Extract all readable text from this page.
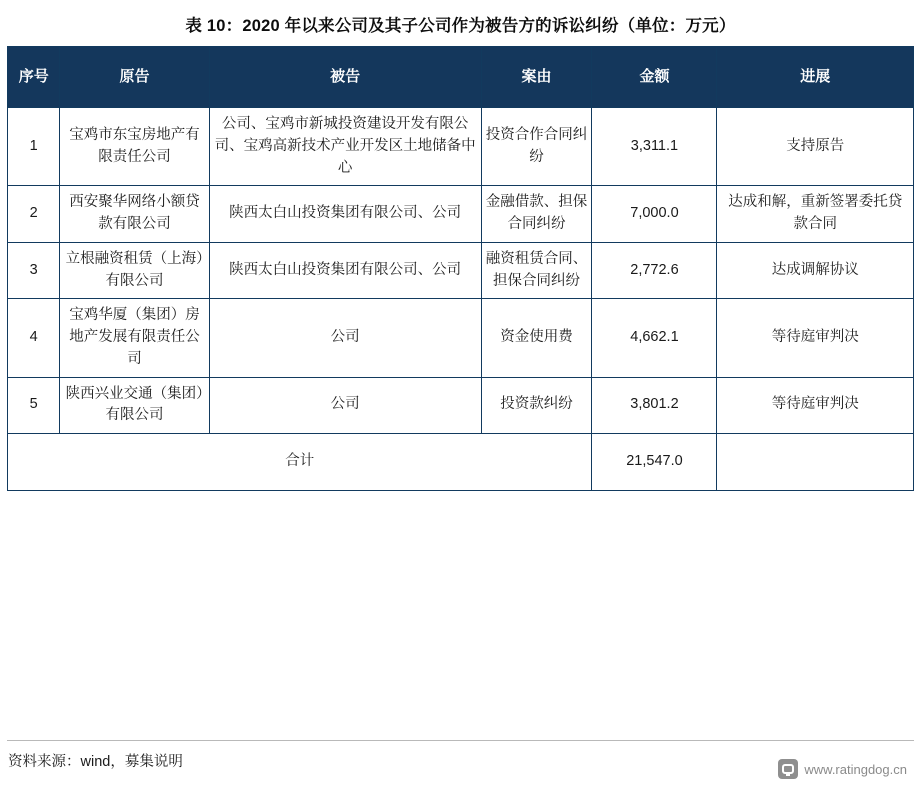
表 10：2020 年以来公司及其子公司作为被告方的诉讼纠纷（单位：万元）
序号	原告	被告	案由	金额	进展
1	宝鸡市东宝房地产有限责任公司	公司、宝鸡市新城投资建设开发有限公司、宝鸡高新技术产业开发区土地储备中心	投资合作合同纠纷	3,311.1	支持原告
2	西安聚华网络小额贷款有限公司	陕西太白山投资集团有限公司、公司	金融借款、担保合同纠纷	7,000.0	达成和解，重新签署委托贷款合同
3	立根融资租赁（上海）有限公司	陕西太白山投资集团有限公司、公司	融资租赁合同、担保合同纠纷	2,772.6	达成调解协议
4	宝鸡华厦（集团）房地产发展有限责任公司	公司	资金使用费	4,662.1	等待庭审判决
5	陕西兴业交通（集团）有限公司	公司	投资款纠纷	3,801.2	等待庭审判决
合计				21,547.0	
资料来源：wind，募集说明	www.ratingdog.cn
